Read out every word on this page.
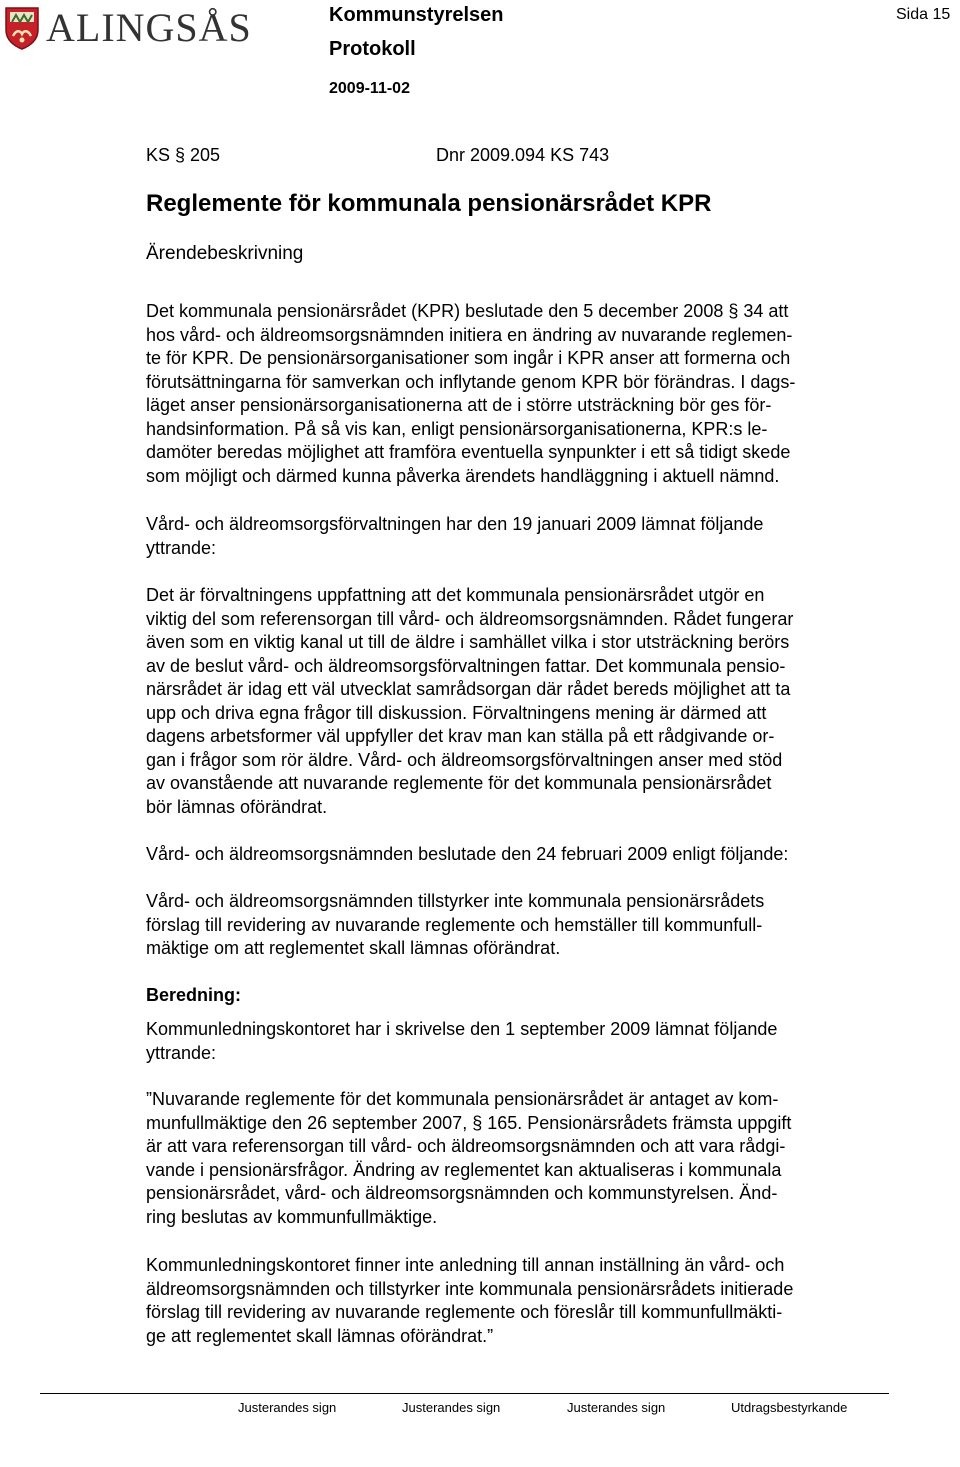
ALINGSÅS	Kommunstyrelsen
Protokoll
2009-11-02
Sida 15
KS § 205	Dnr 2009.094 KS 743
Reglemente för kommunala pensionärsrådet KPR
Ärendebeskrivning
Det kommunala pensionärsrådet (KPR) beslutade den 5 december 2008 § 34 att
hos vård- och äldreomsorgsnämnden initiera en ändring av nuvarande reglemen-
te för KPR. De pensionärsorganisationer som ingår i KPR anser att formerna och
förutsättningarna för samverkan och inflytande genom KPR bör förändras. I dags-
läget anser pensionärsorganisationerna att de i större utsträckning bör ges för-
handsinformation. På så vis kan, enligt pensionärsorganisationerna, KPR:s le-
damöter beredas möjlighet att framföra eventuella synpunkter i ett så tidigt skede
som möjligt och därmed kunna påverka ärendets handläggning i aktuell nämnd.
Vård- och äldreomsorgsförvaltningen har den 19 januari 2009 lämnat följande
yttrande:
Det är förvaltningens uppfattning att det kommunala pensionärsrådet utgör en
viktig del som referensorgan till vård- och äldreomsorgsnämnden. Rådet fungerar
även som en viktig kanal ut till de äldre i samhället vilka i stor utsträckning berörs
av de beslut vård- och äldreomsorgsförvaltningen fattar. Det kommunala pensio-
närsrådet är idag ett väl utvecklat samrådsorgan där rådet bereds möjlighet att ta
upp och driva egna frågor till diskussion. Förvaltningens mening är därmed att
dagens arbetsformer väl uppfyller det krav man kan ställa på ett rådgivande or-
gan i frågor som rör äldre. Vård- och äldreomsorgsförvaltningen anser med stöd
av ovanstående att nuvarande reglemente för det kommunala pensionärsrådet
bör lämnas oförändrat.
Vård- och äldreomsorgsnämnden beslutade den 24 februari 2009 enligt följande:
Vård- och äldreomsorgsnämnden tillstyrker inte kommunala pensionärsrådets
förslag till revidering av nuvarande reglemente och hemställer till kommunfull-
mäktige om att reglementet skall lämnas oförändrat.
Beredning:
Kommunledningskontoret har i skrivelse den 1 september 2009 lämnat följande
yttrande:
”Nuvarande reglemente för det kommunala pensionärsrådet är antaget av kom-
munfullmäktige den 26 september 2007, § 165. Pensionärsrådets främsta uppgift
är att vara referensorgan till vård- och äldreomsorgsnämnden och att vara rådgi-
vande i pensionärsfrågor. Ändring av reglementet kan aktualiseras i kommunala
pensionärsrådet, vård- och äldreomsorgsnämnden och kommunstyrelsen. Änd-
ring beslutas av kommunfullmäktige.
Kommunledningskontoret finner inte anledning till annan inställning än vård- och
äldreomsorgsnämnden och tillstyrker inte kommunala pensionärsrådets initierade
förslag till revidering av nuvarande reglemente och föreslår till kommunfullmäkti-
ge att reglementet skall lämnas oförändrat.”
Justerandes sign	Justerandes sign	Justerandes sign	Utdragsbestyrkande
